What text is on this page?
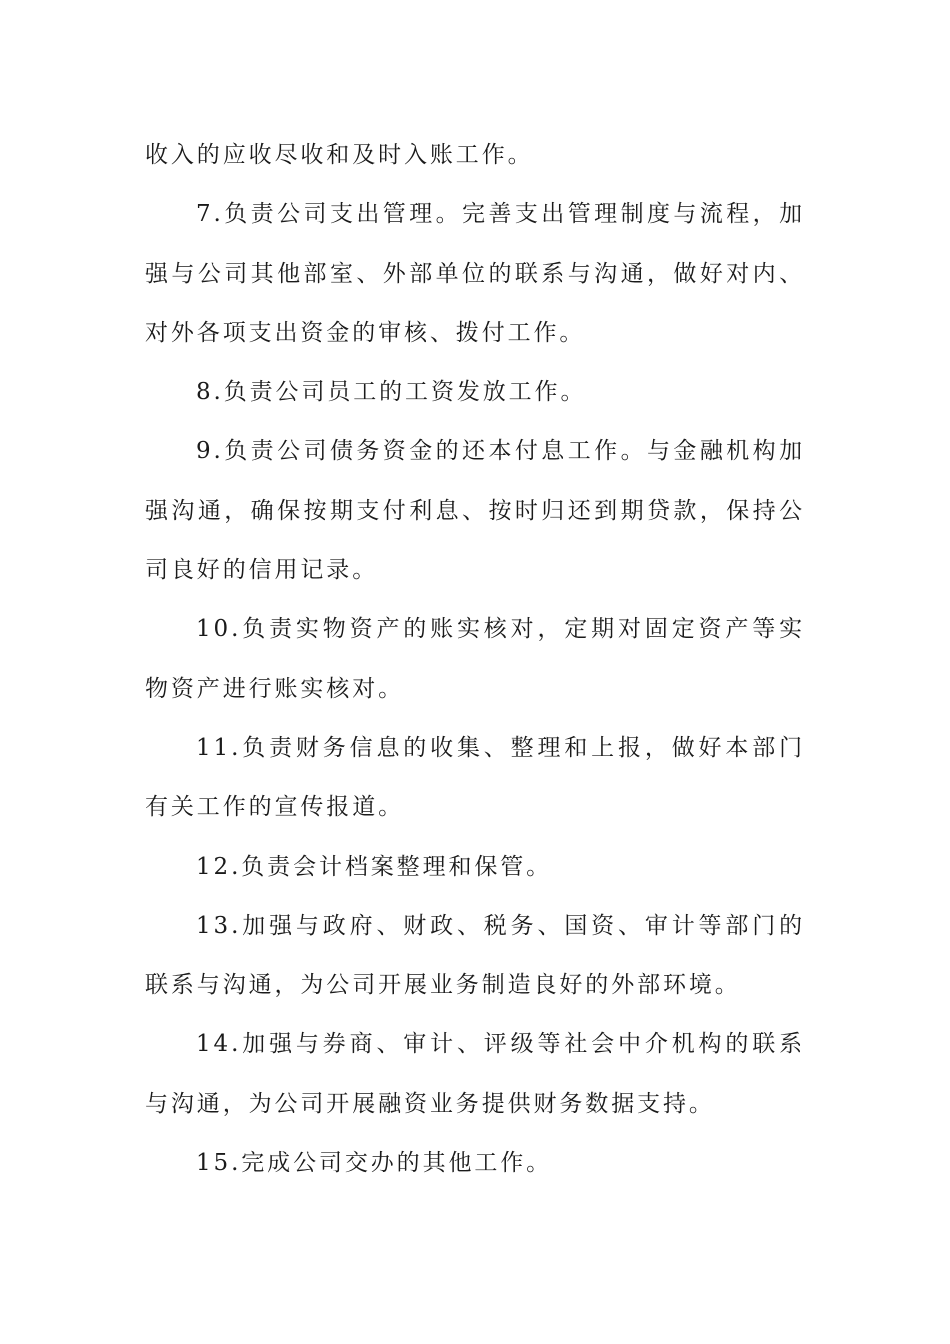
收入的应收尽收和及时入账工作。

7.负责公司支出管理。完善支出管理制度与流程，加强与公司其他部室、外部单位的联系与沟通，做好对内、对外各项支出资金的审核、拨付工作。

8.负责公司员工的工资发放工作。

9.负责公司债务资金的还本付息工作。与金融机构加强沟通，确保按期支付利息、按时归还到期贷款，保持公司良好的信用记录。

10.负责实物资产的账实核对，定期对固定资产等实物资产进行账实核对。

11.负责财务信息的收集、整理和上报，做好本部门有关工作的宣传报道。

12.负责会计档案整理和保管。

13.加强与政府、财政、税务、国资、审计等部门的联系与沟通，为公司开展业务制造良好的外部环境。

14.加强与券商、审计、评级等社会中介机构的联系与沟通，为公司开展融资业务提供财务数据支持。

15.完成公司交办的其他工作。
